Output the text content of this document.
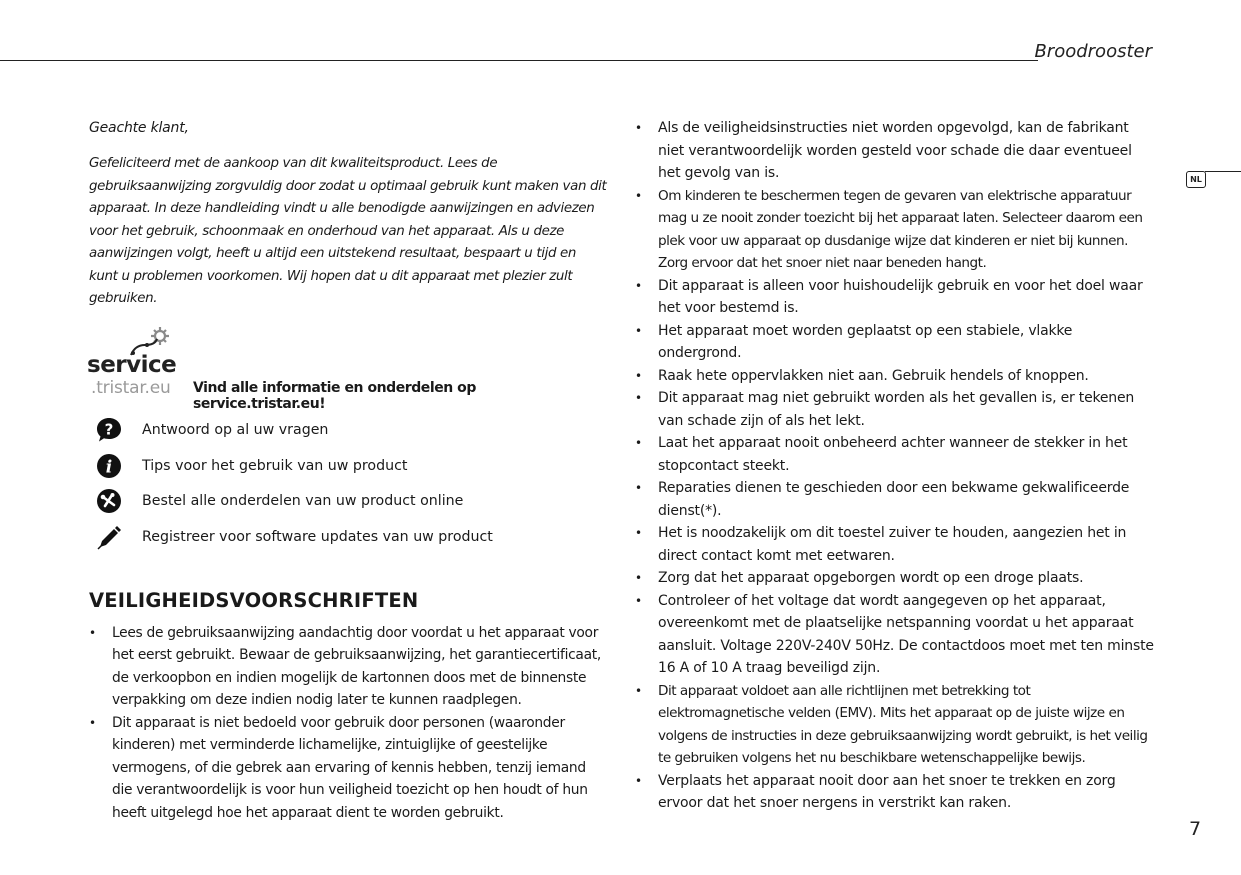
Broodrooster
NL

Geachte klant,

Gefeliciteerd met de aankoop van dit kwaliteitsproduct. Lees de gebruiksaanwijzing zorgvuldig door zodat u optimaal gebruik kunt maken van dit apparaat. In deze handleiding vindt u alle benodigde aanwijzingen en adviezen voor het gebruik, schoonmaak en onderhoud van het apparaat. Als u deze aanwijzingen volgt, heeft u altijd een uitstekend resultaat, bespaart u tijd en kunt u problemen voorkomen. Wij hopen dat u dit apparaat met plezier zult gebruiken.

service
.tristar.eu Vind alle informatie en onderdelen op service.tristar.eu!
? Antwoord op al uw vragen
i Tips voor het gebruik van uw product
Bestel alle onderdelen van uw product online
Registreer voor software updates van uw product
VEILIGHEIDSVOORSCHRIFTEN
• Lees de gebruiksaanwijzing aandachtig door voordat u het apparaat voor het eerst gebruikt. Bewaar de gebruiksaanwijzing, het garantiecertificaat, de verkoopbon en indien mogelijk de kartonnen doos met de binnenste verpakking om deze indien nodig later te kunnen raadplegen.
• Dit apparaat is niet bedoeld voor gebruik door personen (waaronder kinderen) met verminderde lichamelijke, zintuiglijke of geestelijke vermogens, of die gebrek aan ervaring of kennis hebben, tenzij iemand die verantwoordelijk is voor hun veiligheid toezicht op hen houdt of hun heeft uitgelegd hoe het apparaat dient te worden gebruikt.
• Als de veiligheidsinstructies niet worden opgevolgd, kan de fabrikant niet verantwoordelijk worden gesteld voor schade die daar eventueel het gevolg van is.
• Om kinderen te beschermen tegen de gevaren van elektrische apparatuur mag u ze nooit zonder toezicht bij het apparaat laten. Selecteer daarom een plek voor uw apparaat op dusdanige wijze dat kinderen er niet bij kunnen. Zorg ervoor dat het snoer niet naar beneden hangt.
• Dit apparaat is alleen voor huishoudelijk gebruik en voor het doel waar het voor bestemd is.
• Het apparaat moet worden geplaatst op een stabiele, vlakke ondergrond.
• Raak hete oppervlakken niet aan. Gebruik hendels of knoppen.
• Dit apparaat mag niet gebruikt worden als het gevallen is, er tekenen van schade zijn of als het lekt.
• Laat het apparaat nooit onbeheerd achter wanneer de stekker in het stopcontact steekt.
• Reparaties dienen te geschieden door een bekwame gekwalificeerde dienst(*).
• Het is noodzakelijk om dit toestel zuiver te houden, aangezien het in direct contact komt met eetwaren.
• Zorg dat het apparaat opgeborgen wordt op een droge plaats.
• Controleer of het voltage dat wordt aangegeven op het apparaat, overeenkomt met de plaatselijke netspanning voordat u het apparaat aansluit. Voltage 220V-240V 50Hz. De contactdoos moet met ten minste 16 A of 10 A traag beveiligd zijn.
• Dit apparaat voldoet aan alle richtlijnen met betrekking tot elektromagnetische velden (EMV). Mits het apparaat op de juiste wijze en volgens de instructies in deze gebruiksaanwijzing wordt gebruikt, is het veilig te gebruiken volgens het nu beschikbare wetenschappelijke bewijs.
• Verplaats het apparaat nooit door aan het snoer te trekken en zorg ervoor dat het snoer nergens in verstrikt kan raken.
7
